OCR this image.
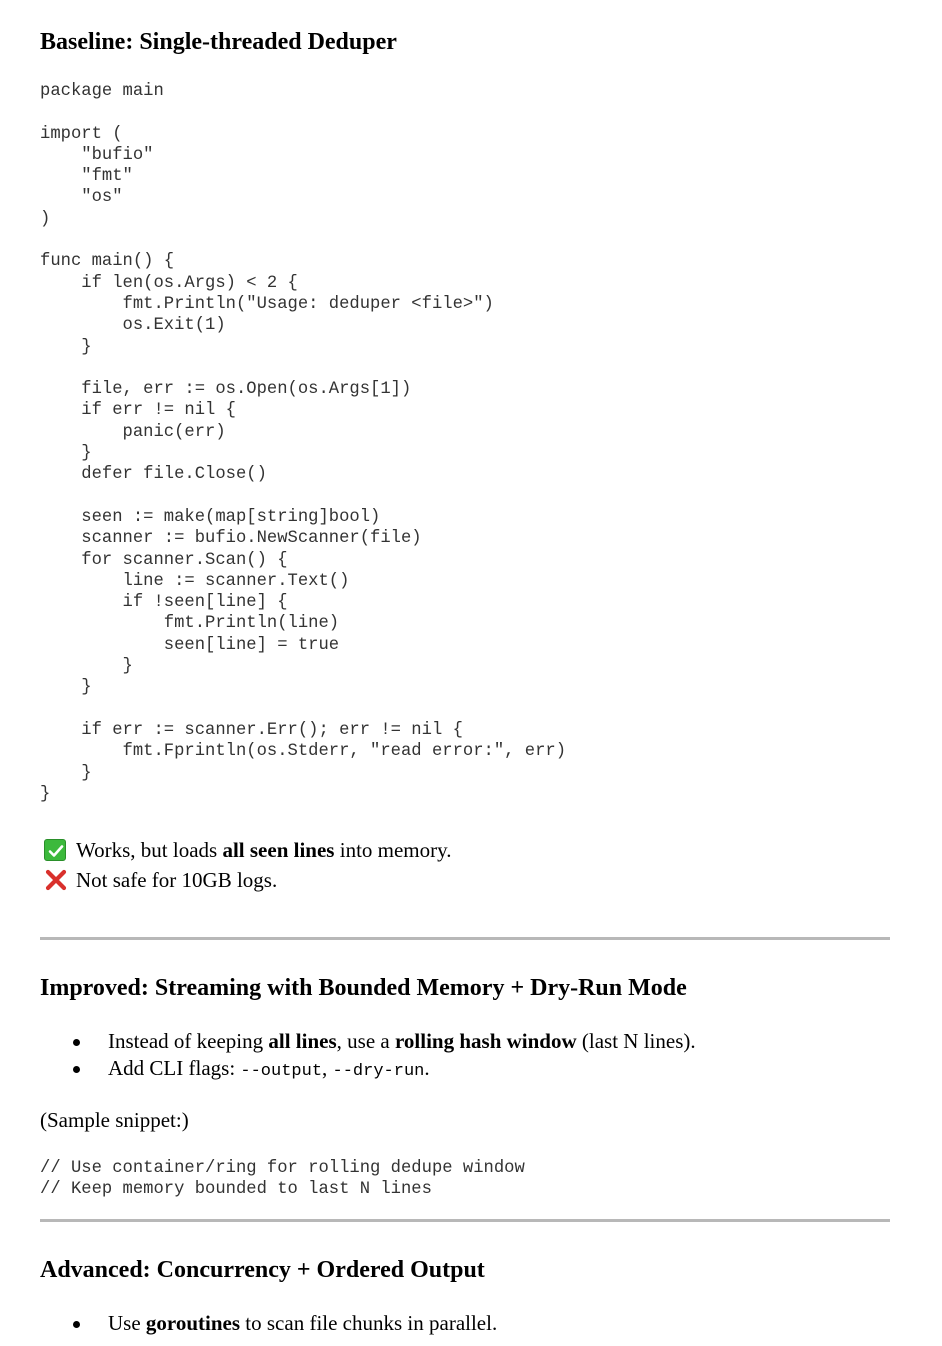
Baseline: Single-threaded Deduper
package main

import (
"bufio"
"fmt"
"os"
)

func main() {
if len(os.Args) < 2 {
fmt.Println("Usage: deduper <file>")
os.Exit(1)
}

file, err := os.Open(os.Args[1])
if err != nil {
panic(err)
}
defer file.Close()

seen := make(map[string]bool)
scanner := bufio.NewScanner(file)
for scanner.Scan() {
line := scanner.Text()
if !seen[line] {
fmt.Println(line)
seen[line] = true
}
}

if err := scanner.Err(); err != nil {
fmt.Fprintln(os.Stderr, "read error:", err)
}
}
Works, but loads all seen lines into memory.
Not safe for 10GB logs.
Improved: Streaming with Bounded Memory + Dry-Run Mode
Instead of keeping all lines, use a rolling hash window (last N lines).
Add CLI flags: --output, --dry-run.
(Sample snippet:)
// Use container/ring for rolling dedupe window
// Keep memory bounded to last N lines
Advanced: Concurrency + Ordered Output
Use goroutines to scan file chunks in parallel.
